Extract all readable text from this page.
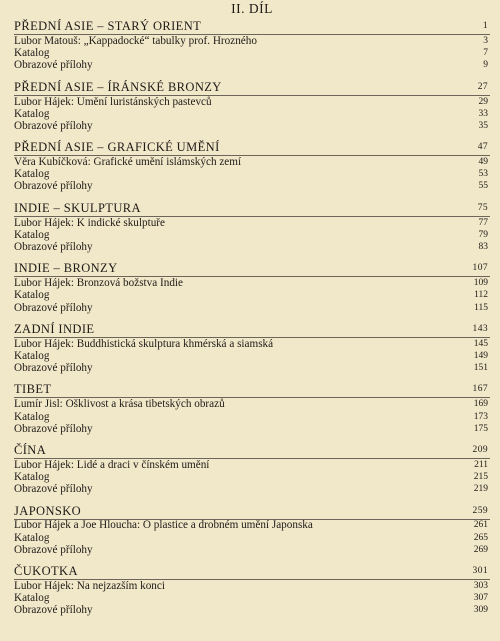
II. DÍL
PŘEDNÍ ASIE – STARÝ ORIENT	1
Lubor Matouš: „Kappadocké“ tabulky prof. Hrozného	3
Katalog	7
Obrazové přílohy	9
PŘEDNÍ ASIE – ÍRÁNSKÉ BRONZY	27
Lubor Hájek: Umění luristánských pastevců	29
Katalog	33
Obrazové přílohy	35
PŘEDNÍ ASIE – GRAFICKÉ UMĚNÍ	47
Věra Kubíčková: Grafické umění islámských zemí	49
Katalog	53
Obrazové přílohy	55
INDIE – SKULPTURA	75
Lubor Hájek: K indické skulptuře	77
Katalog	79
Obrazové přílohy	83
INDIE – BRONZY	107
Lubor Hájek: Bronzová božstva Indie	109
Katalog	112
Obrazové přílohy	115
ZADNÍ INDIE	143
Lubor Hájek: Buddhistická skulptura khmérská a siamská	145
Katalog	149
Obrazové přílohy	151
TIBET	167
Lumír Jisl: Ošklivost a krása tibetských obrazů	169
Katalog	173
Obrazové přílohy	175
ČÍNA	209
Lubor Hájek: Lidé a draci v čínském umění	211
Katalog	215
Obrazové přílohy	219
JAPONSKO	259
Lubor Hájek a Joe Hloucha: O plastice a drobném umění Japonska	261
Katalog	265
Obrazové přílohy	269
ČUKOTKA	301
Lubor Hájek: Na nejzazším konci	303
Katalog	307
Obrazové přílohy	309
